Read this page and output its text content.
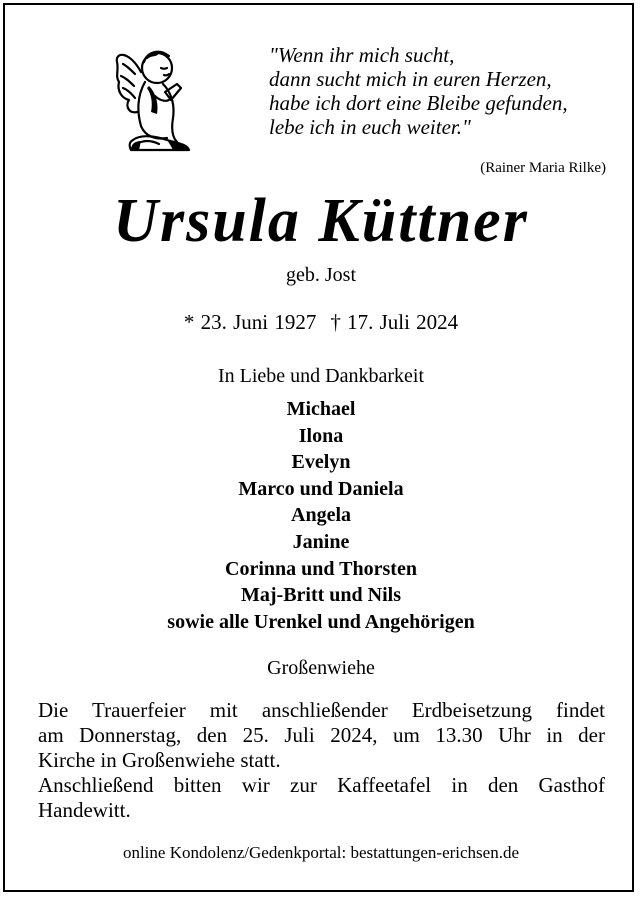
"Wenn ihr mich sucht,
dann sucht mich in euren Herzen,
habe ich dort eine Bleibe gefunden,
lebe ich in euch weiter."
(Rainer Maria Rilke)
Ursula Küttner
geb. Jost
* 23. Juni 1927 † 17. Juli 2024
In Liebe und Dankbarkeit
Michael
Ilona
Evelyn
Marco und Daniela
Angela
Janine
Corinna und Thorsten
Maj-Britt und Nils
sowie alle Urenkel und Angehörigen
Großenwiehe
Die Trauerfeier mit anschließender Erdbeisetzung findet
am Donnerstag, den 25. Juli 2024, um 13.30 Uhr in der
Kirche in Großenwiehe statt.
Anschließend bitten wir zur Kaffeetafel in den Gasthof
Handewitt.
online Kondolenz/Gedenkportal: bestattungen-erichsen.de
